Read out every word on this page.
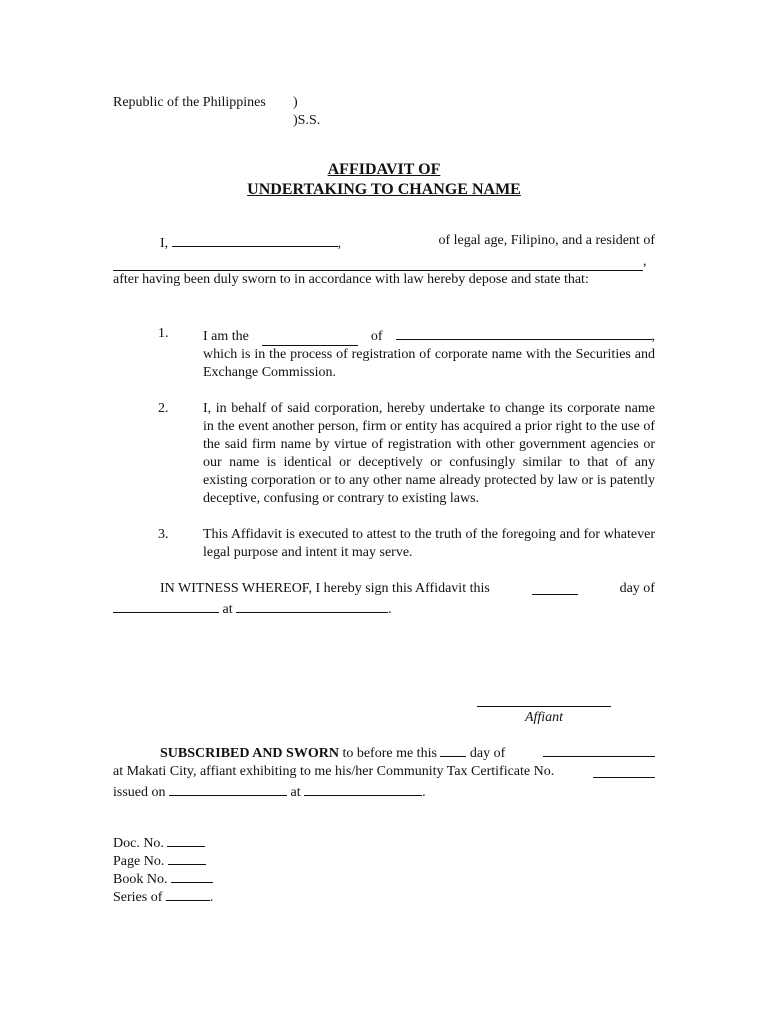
Republic of the Philippines )
)S.S.
AFFIDAVIT OF
UNDERTAKING TO CHANGE NAME
I,	,	of legal age, Filipino, and a resident of
,
after having been duly sworn to in accordance with law hereby depose and state that:
1. I am the	of	,
which is in the process of registration of corporate name with the Securities and Exchange Commission.
2. I, in behalf of said corporation, hereby undertake to change its corporate name in the event another person, firm or entity has acquired a prior right to the use of the said firm name by virtue of registration with other government agencies or our name is identical or deceptively or confusingly similar to that of any existing corporation or to any other name already protected by law or is patently deceptive, confusing or contrary to existing laws.
3. This Affidavit is executed to attest to the truth of the foregoing and for whatever legal purpose and intent it may serve.
IN WITNESS WHEREOF, I hereby sign this Affidavit this	day of
at	.
Affiant
SUBSCRIBED AND SWORN to before me this day of
at Makati City, affiant exhibiting to me his/her Community Tax Certificate No.
issued on	at	.
Doc. No.
Page No.
Book No.
Series of	.
